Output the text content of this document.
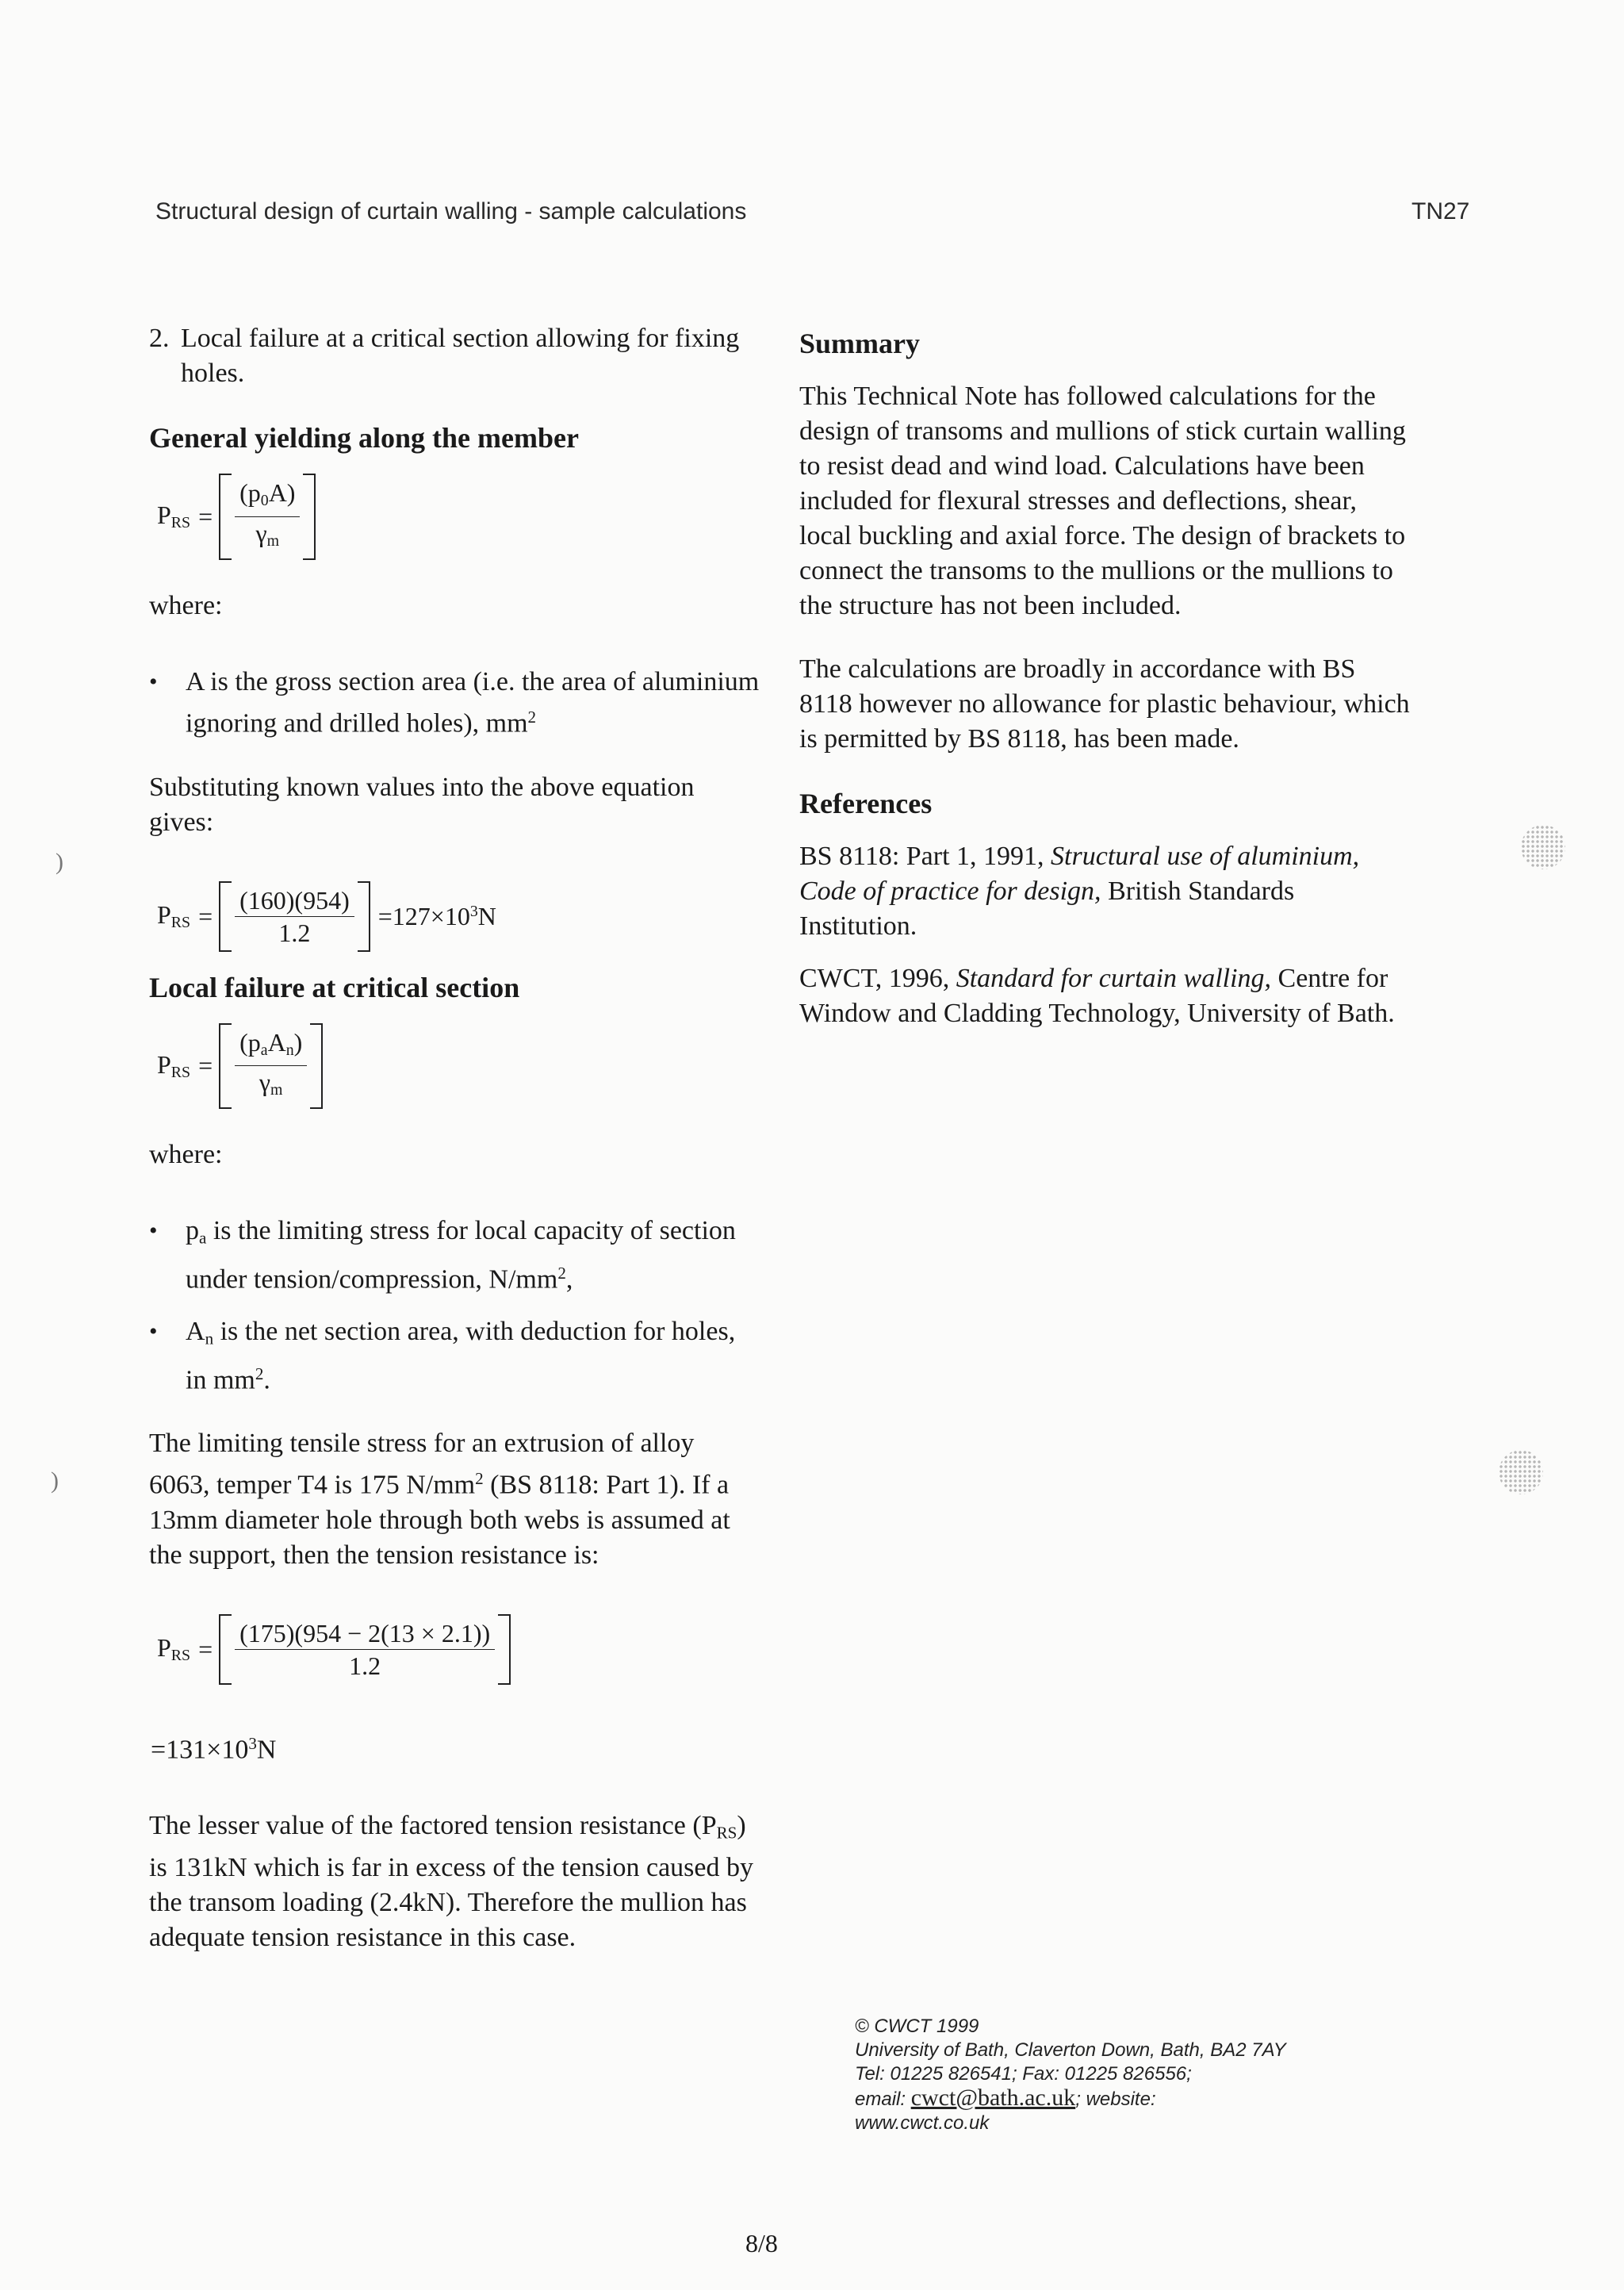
Structural design of curtain walling - sample calculations	TN27
2. Local failure at a critical section allowing for fixing holes.

General yielding along the member

$P_{RS} = \frac{(p_0A)}{\gamma_m}$

where:

•	A is the gross section area (i.e. the area of aluminium ignoring and drilled holes), $mm^2$

Substituting known values into the above equation gives:

$P_{RS} = \frac{(160)(954)}{1.2} =127\times 10^3N$

Local failure at critical section

$P_{RS}$ =
$(p_aA_n)$
$\gamma_m$

where:

•	$p_a$ is the limiting stress for local capacity of section under tension/compression, $N/mm^2$,

•	$A_n$ is the net section area, with deduction for holes, in $mm^2$.

The limiting tensile stress for an extrusion of alloy 6063, temper T4 is 175 $N/mm^2$ (BS 8118: Part 1). If a 13mm diameter hole through both webs is assumed at the support, then the tension resistance is:

$P_{RS} = \frac{(175)(954 - 2(13 \times 2.1))}{1.2}$

$=131\times 10^3N$

The lesser value of the factored tension resistance $(P_{RS})$ is 131kN which is far in excess of the tension caused by the transom loading (2.4kN). Therefore the mullion has adequate tension resistance in this case.

Summary

This Technical Note has followed calculations for the design of transoms and mullions of stick curtain walling to resist dead and wind load. Calculations have been included for flexural stresses and deflections, shear, local buckling and axial force. The design of brackets to connect the transoms to the mullions or the mullions to the structure has not been included.

The calculations are broadly in accordance with BS 8118 however no allowance for plastic behaviour, which is permitted by BS 8118, has been made.

References

BS 8118: Part 1, 1991, Structural use of aluminium, Code of practice for design, British Standards Institution.

CWCT, 1996, Standard for curtain walling, Centre for Window and Cladding Technology, University of Bath.

© CWCT 1999
University of Bath, Claverton Down, Bath, BA2 7AY
Tel: 01225 826541; Fax: 01225 826556;
email: cwct@bath.ac.uk; website:
www.cwct.co.uk
8/8
)
)
